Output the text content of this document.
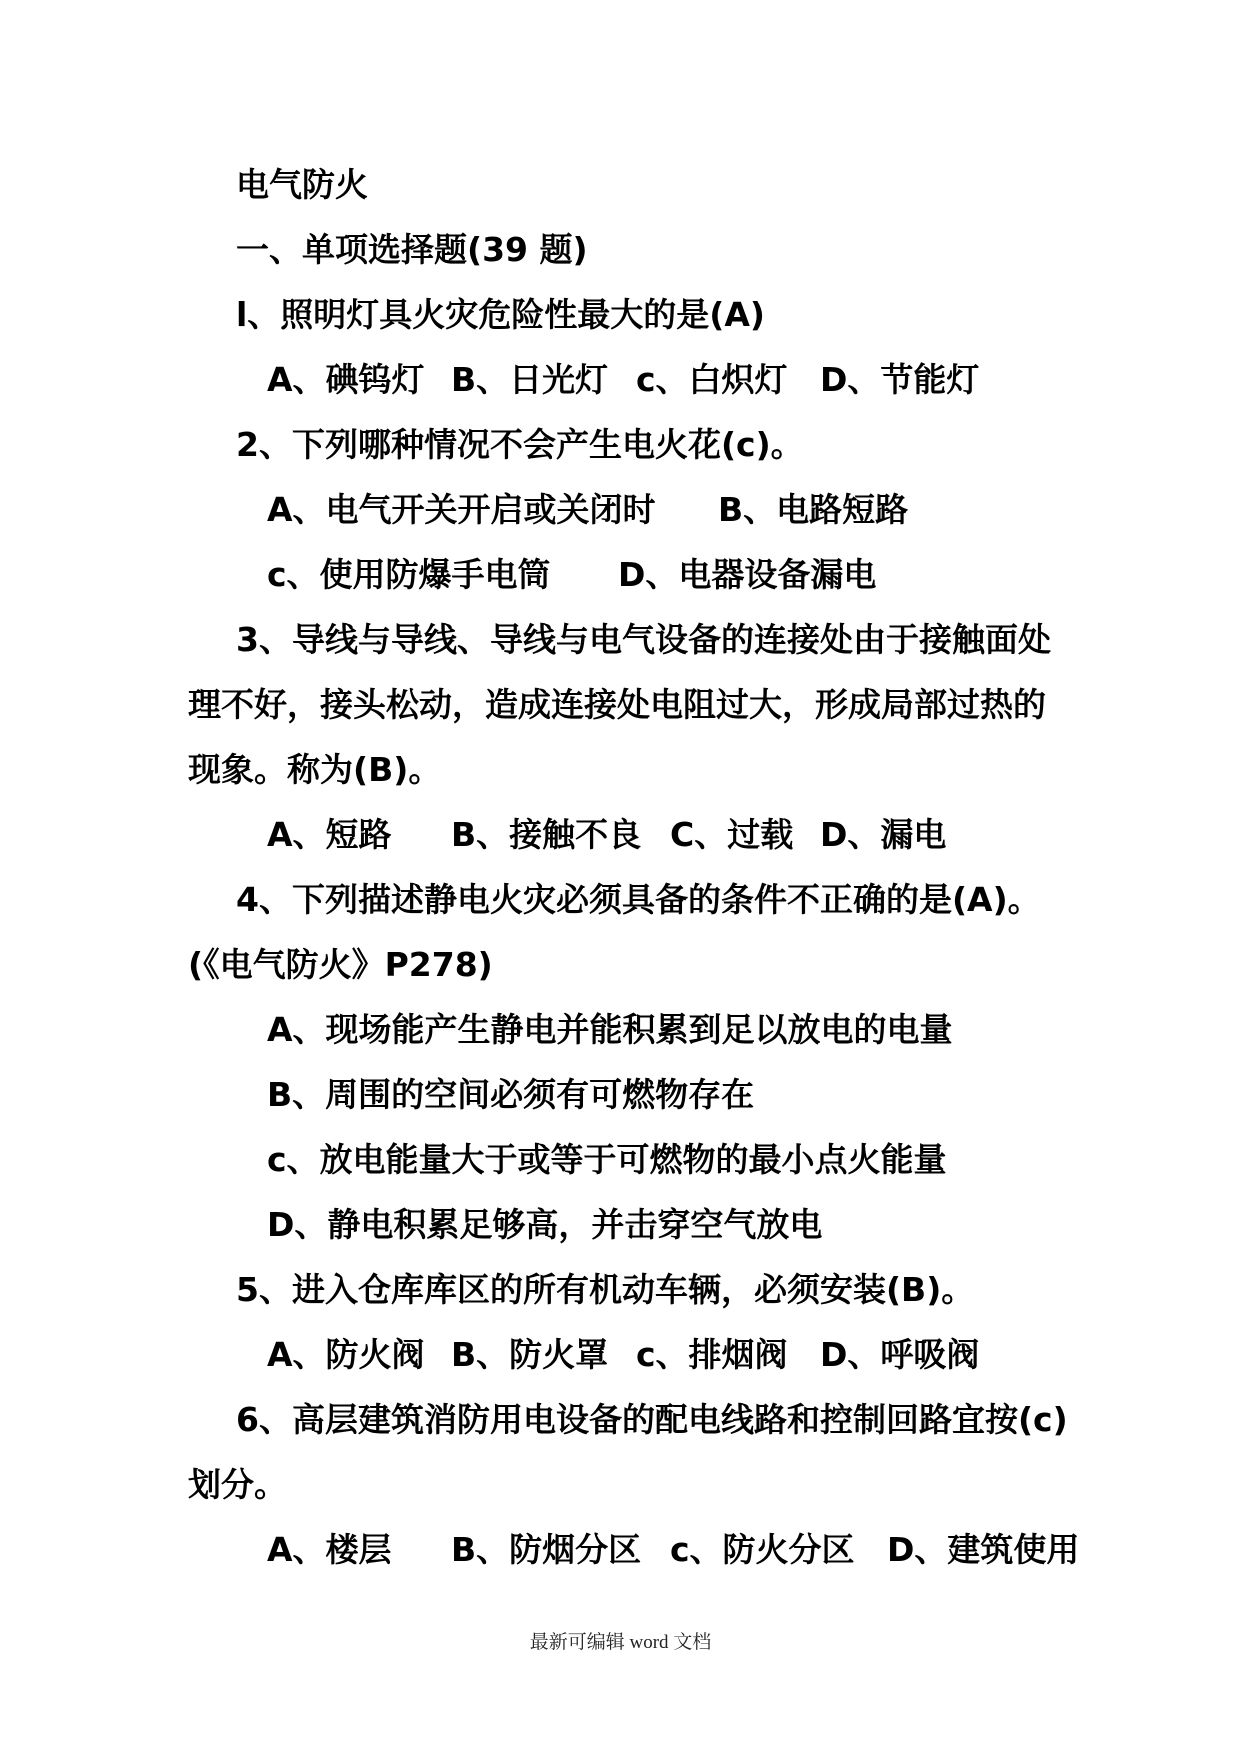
电气防火
一、单项选择题(39 题)
l、照明灯具火灾危险性最大的是(A)
A、碘钨灯 B、日光灯 c、白炽灯 D、节能灯
2、下列哪种情况不会产生电火花(c)。
A、电气开关开启或关闭时 B、电路短路
c、使用防爆手电筒 D、电器设备漏电
3、导线与导线、导线与电气设备的连接处由于接触面处
理不好，接头松动，造成连接处电阻过大，形成局部过热的
现象。称为(B)。
A、短路 B、接触不良 C、过载 D、漏电
4、下列描述静电火灾必须具备的条件不正确的是(A)。
(《电气防火》P278)
A、现场能产生静电并能积累到足以放电的电量
B、周围的空间必须有可燃物存在
c、放电能量大于或等于可燃物的最小点火能量
D、静电积累足够高，并击穿空气放电
5、进入仓库库区的所有机动车辆，必须安装(B)。
A、防火阀 B、防火罩 c、排烟阀 D、呼吸阀
6、高层建筑消防用电设备的配电线路和控制回路宜按(c)
划分。
A、楼层 B、防烟分区 c、防火分区 D、建筑使用
最新可编辑 word 文档
